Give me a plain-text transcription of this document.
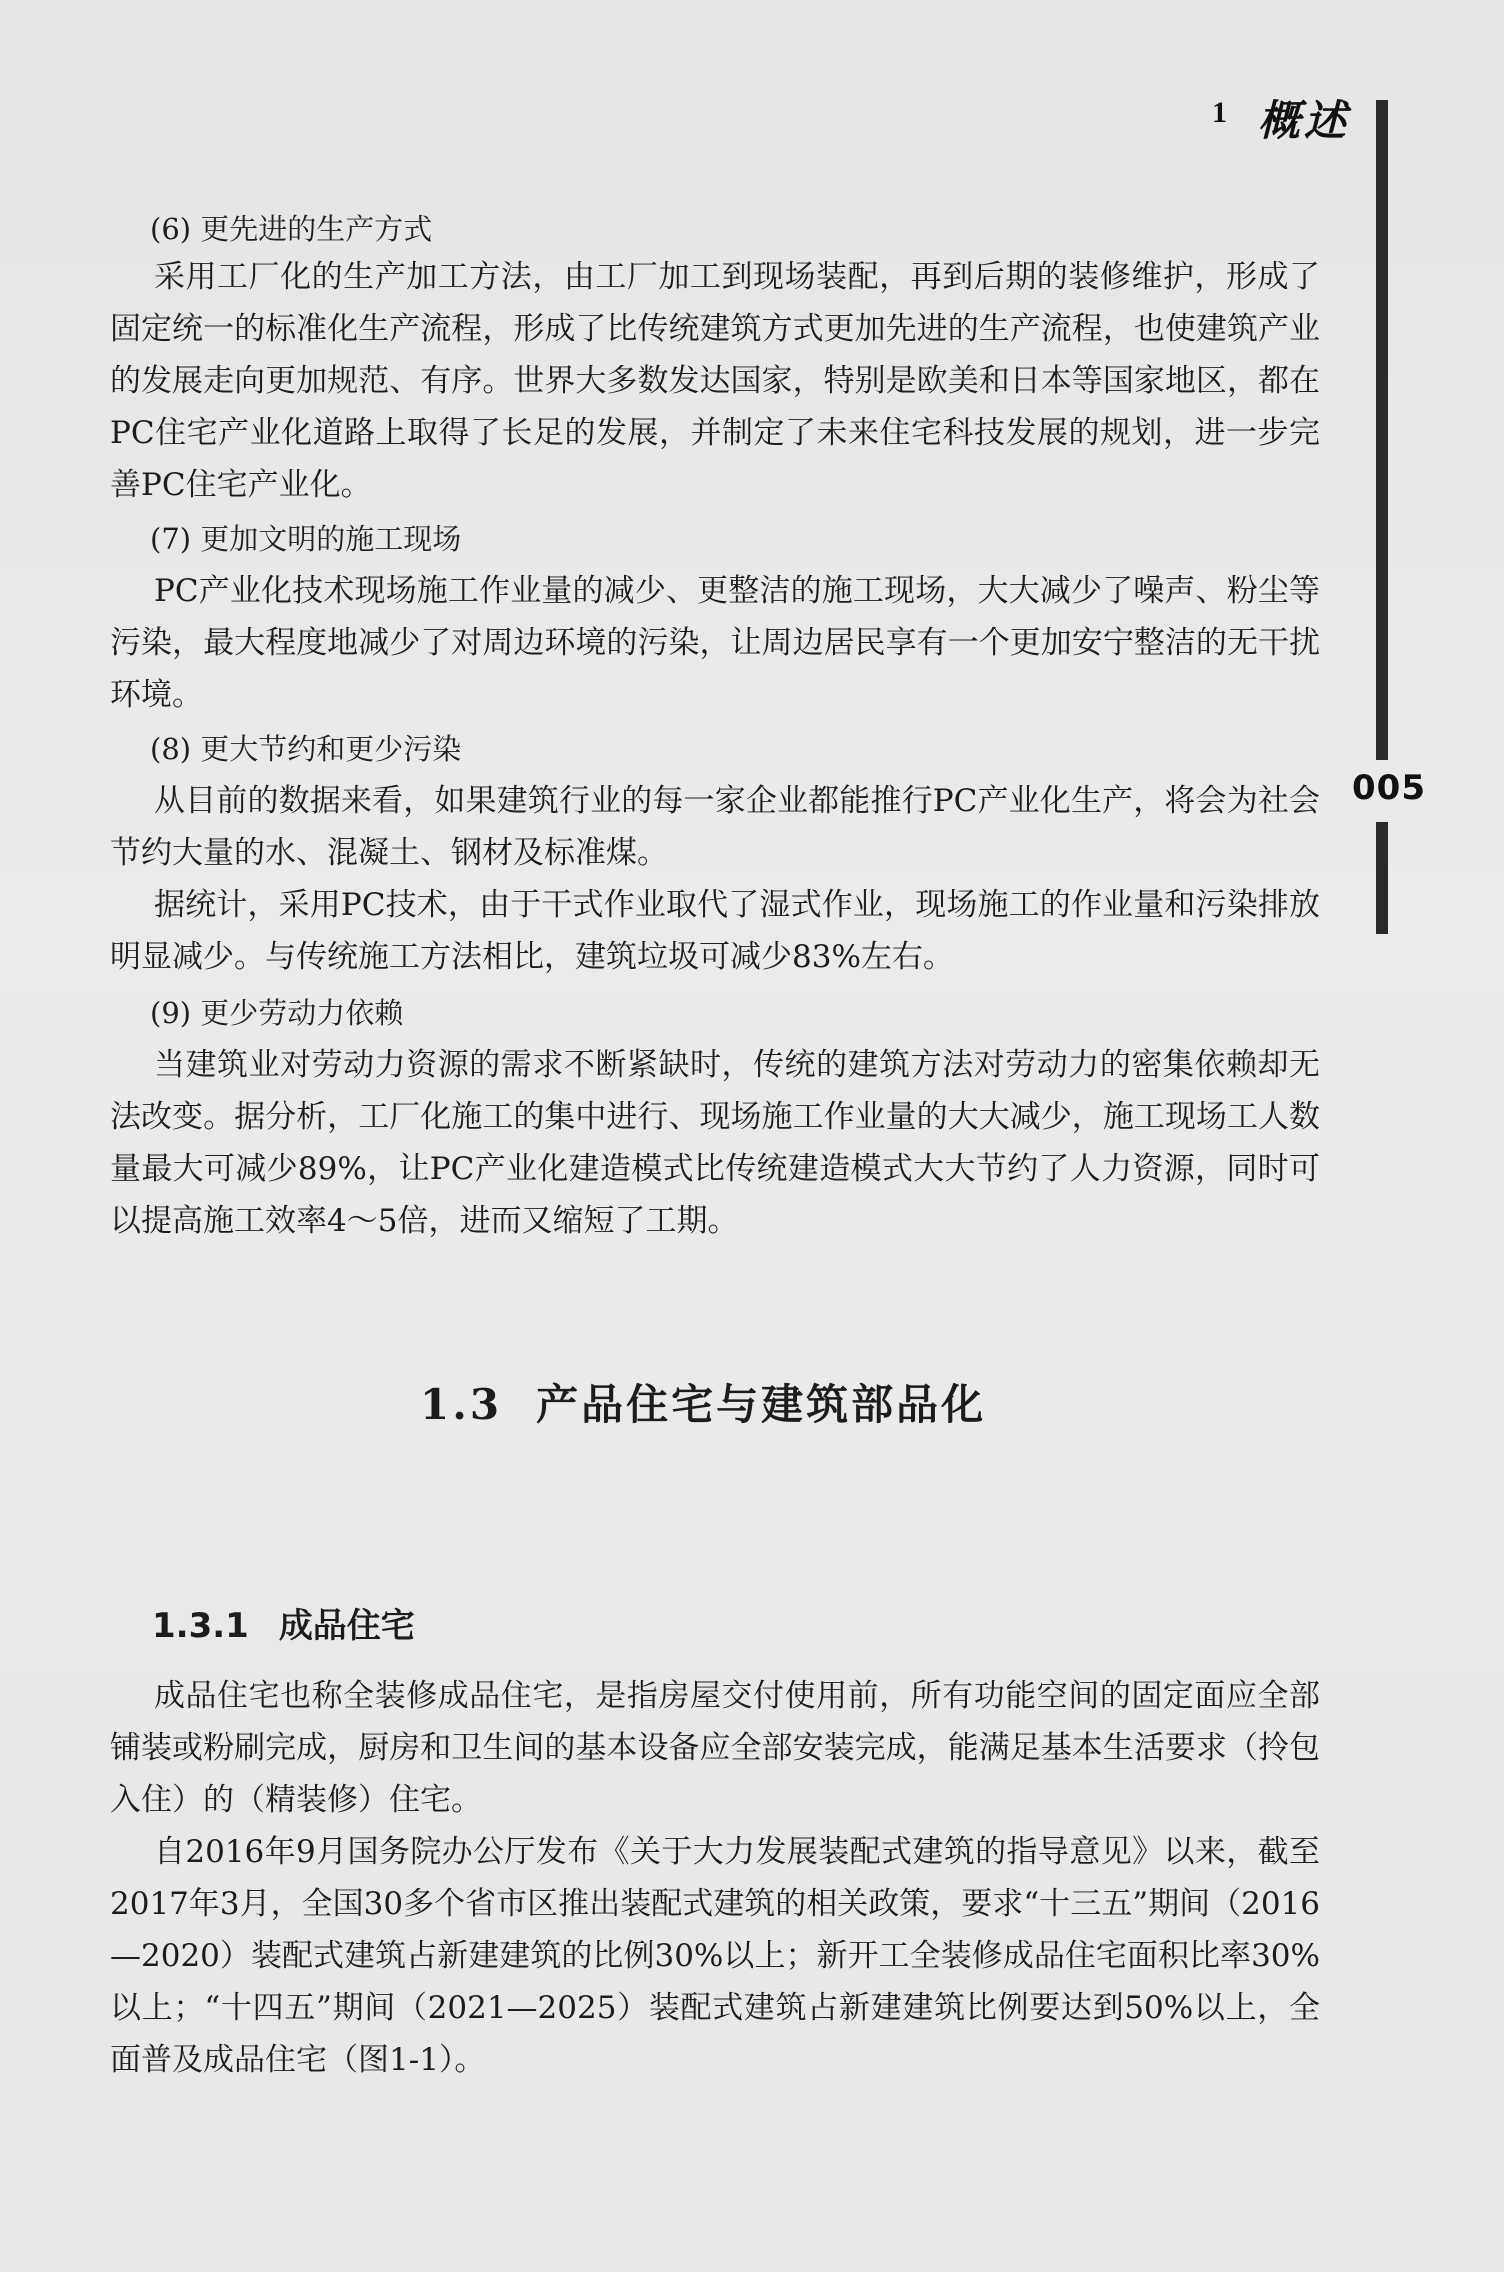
1 概述
005

(6) 更先进的生产方式

采用工厂化的生产加工方法，由工厂加工到现场装配，再到后期的装修维护，形成了固定统一的标准化生产流程，形成了比传统建筑方式更加先进的生产流程，也使建筑产业的发展走向更加规范、有序。世界大多数发达国家，特别是欧美和日本等国家地区，都在PC住宅产业化道路上取得了长足的发展，并制定了未来住宅科技发展的规划，进一步完善PC住宅产业化。

(7) 更加文明的施工现场

PC产业化技术现场施工作业量的减少、更整洁的施工现场，大大减少了噪声、粉尘等污染，最大程度地减少了对周边环境的污染，让周边居民享有一个更加安宁整洁的无干扰环境。

(8) 更大节约和更少污染

从目前的数据来看，如果建筑行业的每一家企业都能推行PC产业化生产，将会为社会节约大量的水、混凝土、钢材及标准煤。

据统计，采用PC技术，由于干式作业取代了湿式作业，现场施工的作业量和污染排放明显减少。与传统施工方法相比，建筑垃圾可减少83%左右。

(9) 更少劳动力依赖

当建筑业对劳动力资源的需求不断紧缺时，传统的建筑方法对劳动力的密集依赖却无法改变。据分析，工厂化施工的集中进行、现场施工作业量的大大减少，施工现场工人数量最大可减少89%，让PC产业化建造模式比传统建造模式大大节约了人力资源，同时可以提高施工效率4～5倍，进而又缩短了工期。

1.3 产品住宅与建筑部品化
1.3.1 成品住宅

成品住宅也称全装修成品住宅，是指房屋交付使用前，所有功能空间的固定面应全部铺装或粉刷完成，厨房和卫生间的基本设备应全部安装完成，能满足基本生活要求（拎包入住）的（精装修）住宅。

自2016年9月国务院办公厅发布《关于大力发展装配式建筑的指导意见》以来，截至2017年3月，全国30多个省市区推出装配式建筑的相关政策，要求“十三五”期间（2016—2020）装配式建筑占新建建筑的比例30%以上；新开工全装修成品住宅面积比率30%以上；“十四五”期间（2021—2025）装配式建筑占新建建筑比例要达到50%以上，全面普及成品住宅（图1-1）。
